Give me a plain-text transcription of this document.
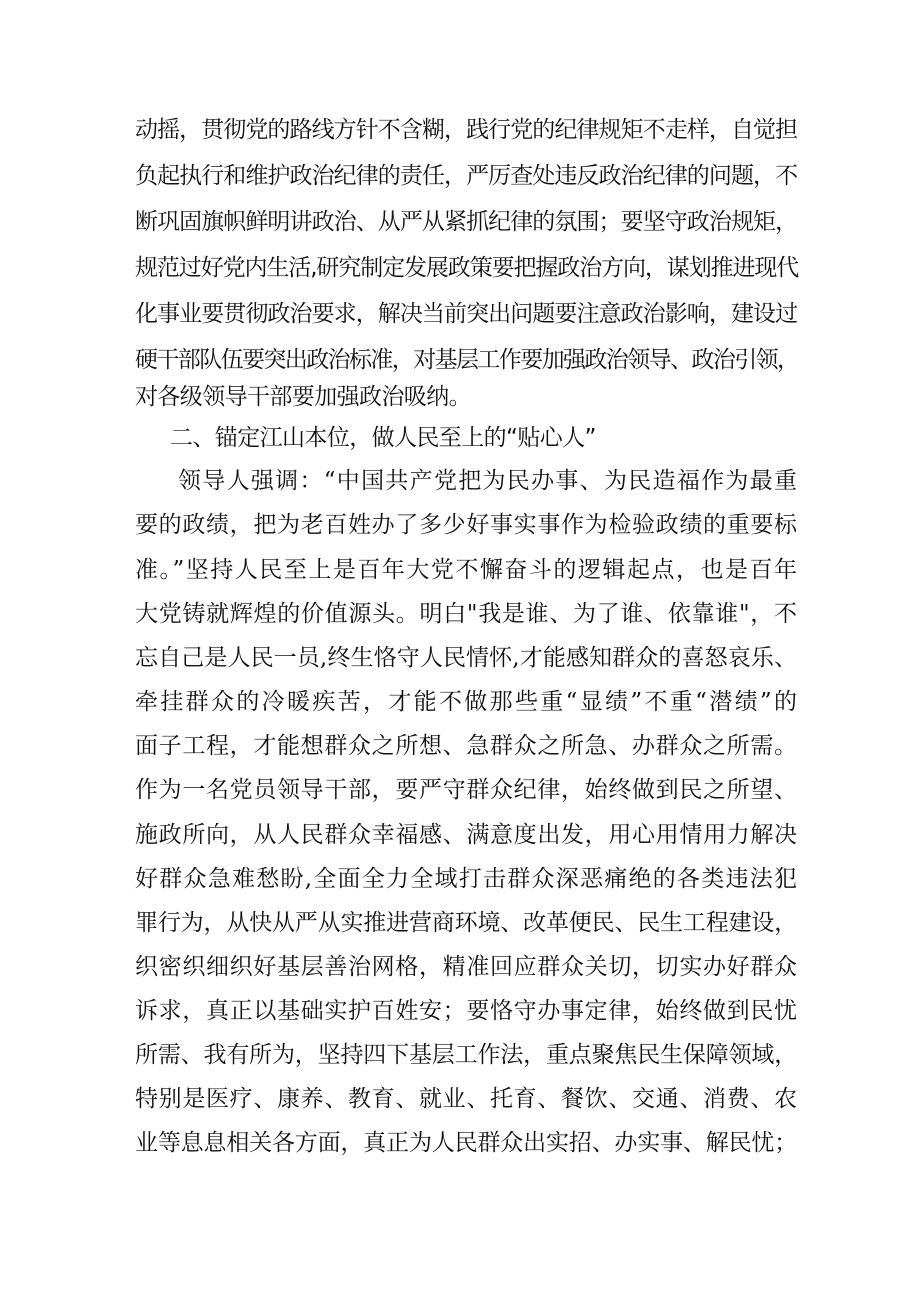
动摇，贯彻党的路线方针不含糊，践行党的纪律规矩不走样，自觉担
负起执行和维护政治纪律的责任，严厉查处违反政治纪律的问题，不
断巩固旗帜鲜明讲政治、从严从紧抓纪律的氛围；要坚守政治规矩，
规范过好党内生活,研究制定发展政策要把握政治方向，谋划推进现代
化事业要贯彻政治要求，解决当前突出问题要注意政治影响，建设过
硬干部队伍要突出政治标准，对基层工作要加强政治领导、政治引领，
对各级领导干部要加强政治吸纳。
二、锚定江山本位，做人民至上的“贴心人”
领导人强调：“中国共产党把为民办事、为民造福作为最重
要的政绩，把为老百姓办了多少好事实事作为检验政绩的重要标
准。”坚持人民至上是百年大党不懈奋斗的逻辑起点，也是百年
大党铸就辉煌的价值源头。明白"我是谁、为了谁、依靠谁"，不
忘自己是人民一员,终生恪守人民情怀,才能感知群众的喜怒哀乐、
牵挂群众的冷暖疾苦，才能不做那些重“显绩”不重“潜绩”的
面子工程，才能想群众之所想、急群众之所急、办群众之所需。
作为一名党员领导干部，要严守群众纪律，始终做到民之所望、
施政所向，从人民群众幸福感、满意度出发，用心用情用力解决
好群众急难愁盼,全面全力全域打击群众深恶痛绝的各类违法犯
罪行为，从快从严从实推进营商环境、改革便民、民生工程建设，
织密织细织好基层善治网格，精准回应群众关切，切实办好群众
诉求，真正以基础实护百姓安；要恪守办事定律，始终做到民忧
所需、我有所为，坚持四下基层工作法，重点聚焦民生保障领域，
特别是医疗、康养、教育、就业、托育、餐饮、交通、消费、农
业等息息相关各方面，真正为人民群众出实招、办实事、解民忧；
